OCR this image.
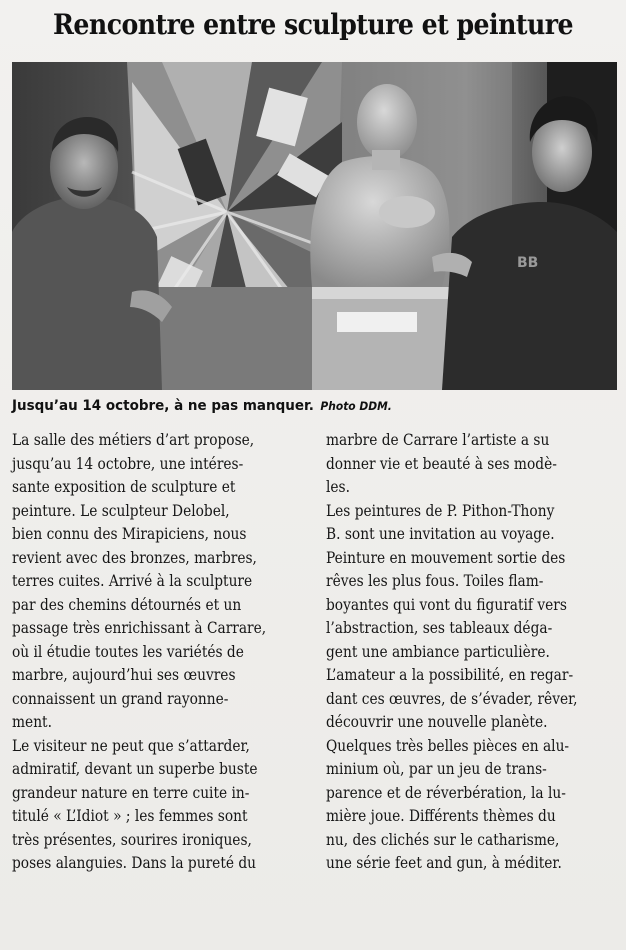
Rencontre entre sculpture et peinture
BB
Jusqu’au 14 octobre, à ne pas manquer. Photo DDM.
La salle des métiers d’art propose,
jusqu’au 14 octobre, une intéres-
sante exposition de sculpture et
peinture. Le sculpteur Delobel,
bien connu des Mirapiciens, nous
revient avec des bronzes, marbres,
terres cuites. Arrivé à la sculpture
par des chemins détournés et un
passage très enrichissant à Carrare,
où il étudie toutes les variétés de
marbre, aujourd’hui ses œuvres
connaissent un grand rayonne-
ment.
Le visiteur ne peut que s’attarder,
admiratif, devant un superbe buste
grandeur nature en terre cuite in-
titulé « L’Idiot » ; les femmes sont
très présentes, sourires ironiques,
poses alanguies. Dans la pureté du
marbre de Carrare l’artiste a su
donner vie et beauté à ses modè-
les.
Les peintures de P. Pithon-Thony
B. sont une invitation au voyage.
Peinture en mouvement sortie des
rêves les plus fous. Toiles flam-
boyantes qui vont du figuratif vers
l’abstraction, ses tableaux déga-
gent une ambiance particulière.
L’amateur a la possibilité, en regar-
dant ces œuvres, de s’évader, rêver,
découvrir une nouvelle planète.
Quelques très belles pièces en alu-
minium où, par un jeu de trans-
parence et de réverbération, la lu-
mière joue. Différents thèmes du
nu, des clichés sur le catharisme,
une série feet and gun, à méditer.
